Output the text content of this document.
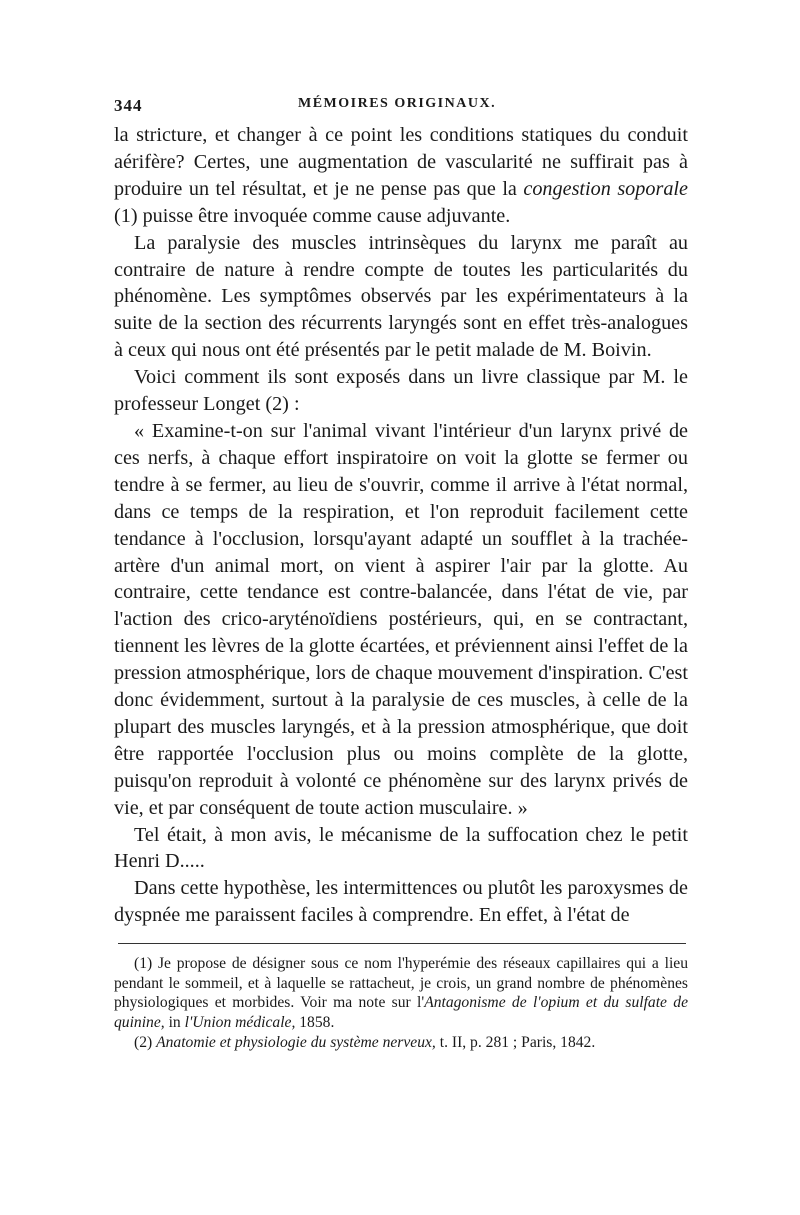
344	MÉMOIRES ORIGINAUX.

la stricture, et changer à ce point les conditions statiques du conduit aérifère? Certes, une augmentation de vascularité ne suffirait pas à produire un tel résultat, et je ne pense pas que la congestion soporale (1) puisse être invoquée comme cause adjuvante.

La paralysie des muscles intrinsèques du larynx me paraît au contraire de nature à rendre compte de toutes les particularités du phénomène. Les symptômes observés par les expérimentateurs à la suite de la section des récurrents laryngés sont en effet très-analogues à ceux qui nous ont été présentés par le petit malade de M. Boivin.

Voici comment ils sont exposés dans un livre classique par M. le professeur Longet (2) :

« Examine-t-on sur l'animal vivant l'intérieur d'un larynx privé de ces nerfs, à chaque effort inspiratoire on voit la glotte se fermer ou tendre à se fermer, au lieu de s'ouvrir, comme il arrive à l'état normal, dans ce temps de la respiration, et l'on reproduit facilement cette tendance à l'occlusion, lorsqu'ayant adapté un soufflet à la trachée-artère d'un animal mort, on vient à aspirer l'air par la glotte. Au contraire, cette tendance est contre-balancée, dans l'état de vie, par l'action des crico-aryténoïdiens postérieurs, qui, en se contractant, tiennent les lèvres de la glotte écartées, et préviennent ainsi l'effet de la pression atmosphérique, lors de chaque mouvement d'inspiration. C'est donc évidemment, surtout à la paralysie de ces muscles, à celle de la plupart des muscles laryngés, et à la pression atmosphérique, que doit être rapportée l'occlusion plus ou moins complète de la glotte, puisqu'on reproduit à volonté ce phénomène sur des larynx privés de vie, et par conséquent de toute action musculaire. »

Tel était, à mon avis, le mécanisme de la suffocation chez le petit Henri D.....

Dans cette hypothèse, les intermittences ou plutôt les paroxysmes de dyspnée me paraissent faciles à comprendre. En effet, à l'état de

(1) Je propose de désigner sous ce nom l'hyperémie des réseaux capillaires qui a lieu pendant le sommeil, et à laquelle se rattacheut, je crois, un grand nombre de phénomènes physiologiques et morbides. Voir ma note sur l'Antagonisme de l'opium et du sulfate de quinine, in l'Union médicale, 1858.

(2) Anatomie et physiologie du système nerveux, t. II, p. 281 ; Paris, 1842.
